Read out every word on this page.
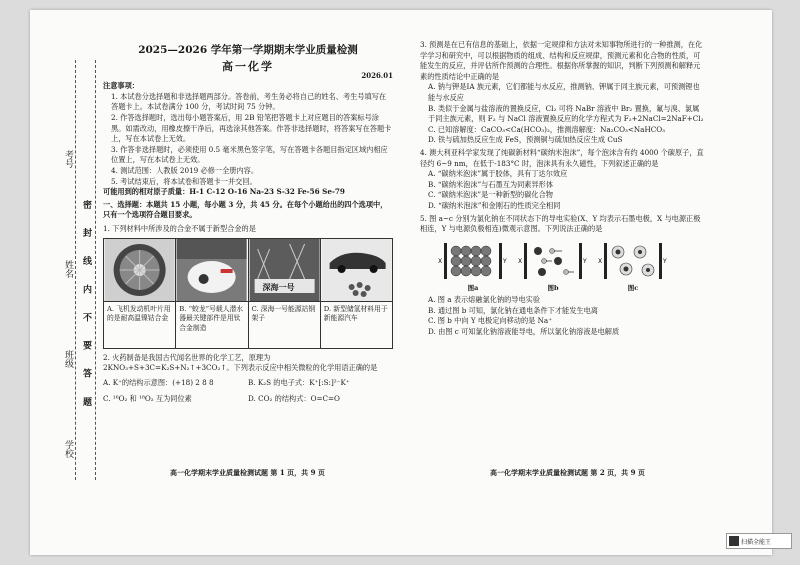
考号
姓名
班级
学校
密 封 线 内 不 要 答 题
2025—2026 学年第一学期期末学业质量检测
高一化学
2026.01

注意事项：

1. 本试卷分选择题和非选择题两部分。答卷前，考生务必将自己的姓名、考生号填写在答题卡上。本试卷满分 100 分，考试时间 75 分钟。

2. 作答选择题时，选出每小题答案后，用 2B 铅笔把答题卡上对应题目的答案标号涂黑。如需改动，用橡皮擦干净后，再选涂其他答案。作答非选择题时，将答案写在答题卡上，写在本试卷上无效。

3. 作答非选择题时，必须使用 0.5 毫米黑色签字笔，写在答题卡各题目指定区域内相应位置上，写在本试卷上无效。

4. 测试范围：人教版 2019 必修一全册内容。

5. 考试结束后，将本试卷和答题卡一并交回。

可能用到的相对原子质量：H-1 C-12 O-16 Na-23 S-32 Fe-56 Se-79

一、选择题：本题共 15 小题，每小题 3 分，共 45 分。在每个小题给出的四个选项中，只有一个选项符合题目要求。

1. 下列材料中所涉及的合金不属于新型合金的是

A. 飞机发动机叶片用的是耐高温镍钴合金
B. “蛟龙”号载人潜水器最关键部件是用钛合金制造
深海一号
C. 深海一号能源站钢架子
D. 新型储氢材料用于新能源汽车

2. 火药制备是我国古代闻名世界的化学工艺，原理为 2KNO₃+S+3C=K₂S+N₂↑+3CO₂↑。下列表示反应中相关微粒的化学用语正确的是

A. K⁺的结构示意图：(+18) 2 8 8	B. K₂S 的电子式：K⁺[:S:]²⁻K⁺
C. ¹⁶O₂ 和 ¹⁸O₂ 互为同位素	D. CO₂ 的结构式：O=C=O
高一化学期末学业质量检测试题 第 1 页，共 9 页

3. 预测是在已有信息的基础上，依据一定规律和方法对未知事物所进行的一种推测，在化学学习和研究中，可以根据物质的组成、结构和反应规律，预测元素和化合物的性质，可能发生的反应，并评估所作预测的合理性。根据你所掌握的知识，判断下列预测和解释元素的性质结论中正确的是

A. 钠与钾是IA 族元素，它们都能与水反应，推测钠、钾属于同主族元素，可预测锂也能与水反应

B. 类似于金属与盐溶液的置换反应，Cl₂ 可将 NaBr 溶液中 Br₂ 置换，氟与溴、氯属于同主族元素，则 F₂ 与 NaCl 溶液置换反应的化学方程式为 F₂+2NaCl=2NaF+Cl₂

C. 已知溶解度：CaCO₃<Ca(HCO₃)₂，推测溶解度：Na₂CO₃<NaHCO₃

D. 铁与硫加热反应生成 FeS，预测铜与硫加热反应生成 CuS

4. 澳大利亚科学家发现了纯碳新材料“碳纳米泡沫”，每个泡沫含有约 4000 个碳原子，直径约 6~9 nm，在低于-183°C 时，泡沫具有永久磁性，下列叙述正确的是

A. “碳纳米泡沫”属于胶体，具有丁达尔效应

B. “碳纳米泡沫”与石墨互为同素异形体

C. “碳纳米泡沫”是一种新型的碳化合物

D. “碳纳米泡沫”和金刚石的性质完全相同

5. 图 a~c 分别为氯化钠在不同状态下的导电实验(X、Y 均表示石墨电极，X 与电源正极相连，Y 与电源负极相连)微观示意图。下列说法正确的是

X	Y
图a
X	Y
图b
X	Y
图c

A. 图 a 表示熔融氯化钠的导电实验

B. 通过图 b 可知，氯化钠在通电条件下才能发生电离

C. 图 b 中向 Y 电极定向移动的是 Na⁺

D. 由图 c 可知氯化钠溶液能导电，所以氯化钠溶液是电解质

高一化学期末学业质量检测试题 第 2 页，共 9 页
扫描全能王
